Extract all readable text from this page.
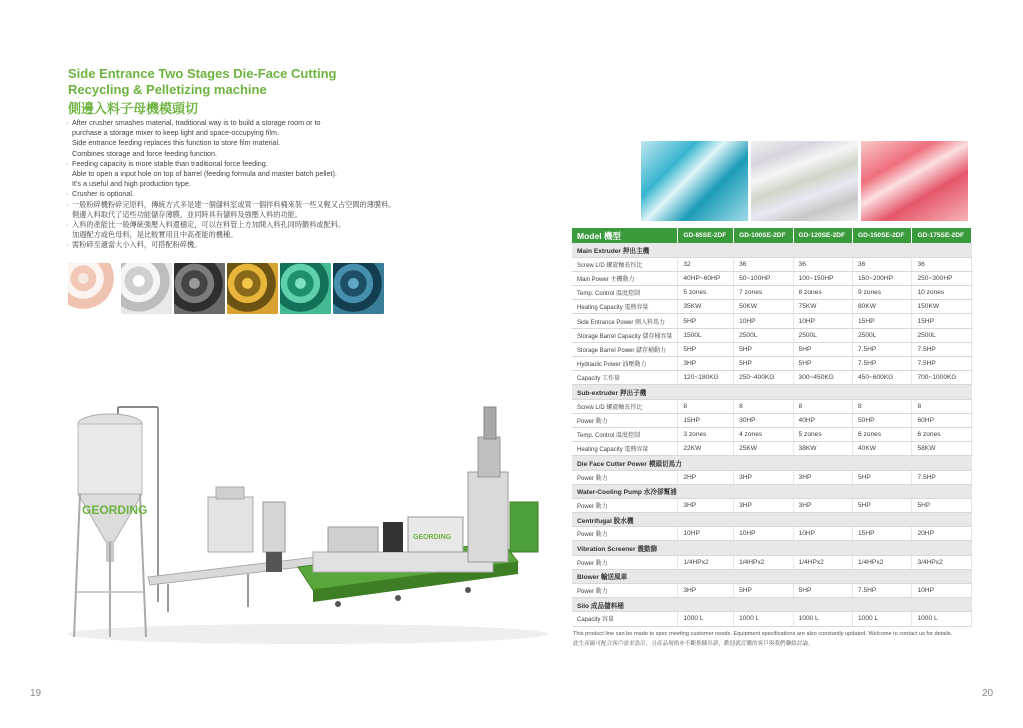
Side Entrance Two Stages Die-Face Cutting Recycling & Pelletizing machine
側邊入料子母機模頭切
· After crusher smashes material, traditional way is to build a storage room or to
purchase a storage mixer to keep light and space-occupying film.
Side entrance feeding replaces this function to store film material.
Combines storage and force feeding function.
· Feeding capacity is more stable than traditional force feeding.
Able to open a input hole on top of barrel (feeding formula and master batch pellet).
It's a useful and high production type.
· Crusher is optional.
· 一般粉碎機粉碎完原料，傳統方式多是建一個儲料室或買一個拌料桶來裝一些又輕又占空間的薄膜料。
側邊入料取代了這些功能儲存薄膜，並同時具有儲料及強壓入料的功能。
· 入料的產能比一般傳統強壓入料還穩定，可以在料管上方加開入料孔同時餵料或配料。
加週配方或色母料，是比較實用且中高產能的機種。
· 需粉碎至適當大小入料，可搭配粉碎機。
GEORDING
GEORDING
19
Model 機型	GD-85SE-2DF	GD-100SE-2DF	GD-120SE-2DF	GD-150SE-2DF	GD-175SE-2DF
Main Extruder 押出主機					
Screw L/D 螺旋軸長徑比	32	36	36	36	36
Main Power 主機動力	40HP~60HP	50~100HP	100~150HP	150~200HP	250~300HP
Temp. Control 溫度控制	5 zones	7 zones	8 zones	9 zones	10 zones
Heating Capacity 電熱容量	35KW	50KW	75KW	80KW	150KW
Side Entrance Power 側入料馬力	5HP	10HP	10HP	15HP	15HP
Storage Barrel Capacity 儲存桶容量	1500L	2500L	2500L	2500L	2500L
Storage Barrel Power 儲存桶動力	5HP	5HP	5HP	7.5HP	7.5HP
Hydraulic Power 油壓動力	3HP	5HP	5HP	7.5HP	7.5HP
Capacity 工作量	120~180KG	250~400KG	300~450KG	450~600KG	700~1000KG
Sub-extruder 押出子機					
Screw L/D 螺旋軸長徑比	8	8	8	8	8
Power 動力	15HP	30HP	40HP	50HP	60HP
Temp. Control 溫度控制	3 zones	4 zones	5 zones	6 zones	6 zones
Heating Capacity 電熱容量	22KW	25KW	38KW	40KW	58KW
Die Face Cutter Power 模頭切馬力					
Power 動力	2HP	3HP	3HP	5HP	7.5HP
Water-Cooling Pump 水冷卻幫浦					
Power 動力	3HP	3HP	3HP	5HP	5HP
Centrifugal 脫水機					
Power 動力	10HP	10HP	10HP	15HP	20HP
Vibration Screener 震動篩					
Power 動力	1/4HPx2	1/4HPx2	1/4HPx2	1/4HPx2	3/4HPx2
Blower 輸送風車					
Power 動力	3HP	5HP	5HP	7.5HP	10HP
Silo 成品儲料桶					
Capacity 容量	1000 L	1000 L	1000 L	1000 L	1000 L
This product line can be made to spec meeting customer needs. Equipment specifications are also constantly updated. Welcome to contact us for details.
此生產線可配合客戶需求設計，且產品規格亦不斷推陳出新，歡迎就訂購的客戶與我們聯絡討論。
20
